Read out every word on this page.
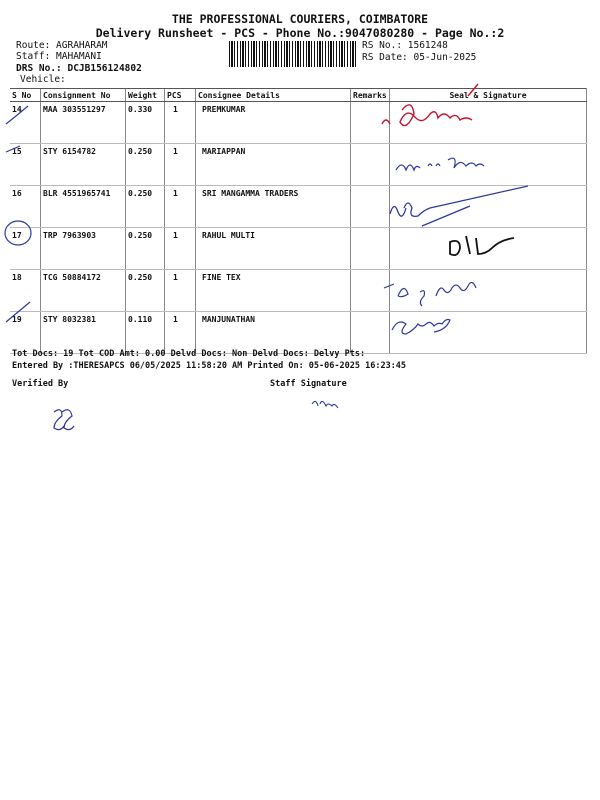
THE PROFESSIONAL COURIERS, COIMBATORE
Delivery Runsheet - PCS - Phone No.:9047080280 - Page No.:2
Route: AGRAHARAM
Staff: MAHAMANI
DRS No.: DCJB156124802
Vehicle:
RS No.: 1561248
RS Date: 05-Jun-2025
S No	Consignment No	Weight	PCS	Consignee Details	Remarks	Seal & Signature
14	MAA 303551297	0.330	1	PREMKUMAR		
15	STY 6154782	0.250	1	MARIAPPAN		
16	BLR 4551965741	0.250	1	SRI MANGAMMA TRADERS		
17	TRP 7963903	0.250	1	RAHUL MULTI		
18	TCG 50884172	0.250	1	FINE TEX		
19	STY 8032381	0.110	1	MANJUNATHAN		
Tot Docs: 19 Tot COD Amt: 0.00 Delvd Docs: Non Delvd Docs: Delvy Pts:
Entered By :THERESAPCS 06/05/2025 11:58:20 AM Printed On: 05-06-2025 16:23:45
Verified By	Staff Signature
